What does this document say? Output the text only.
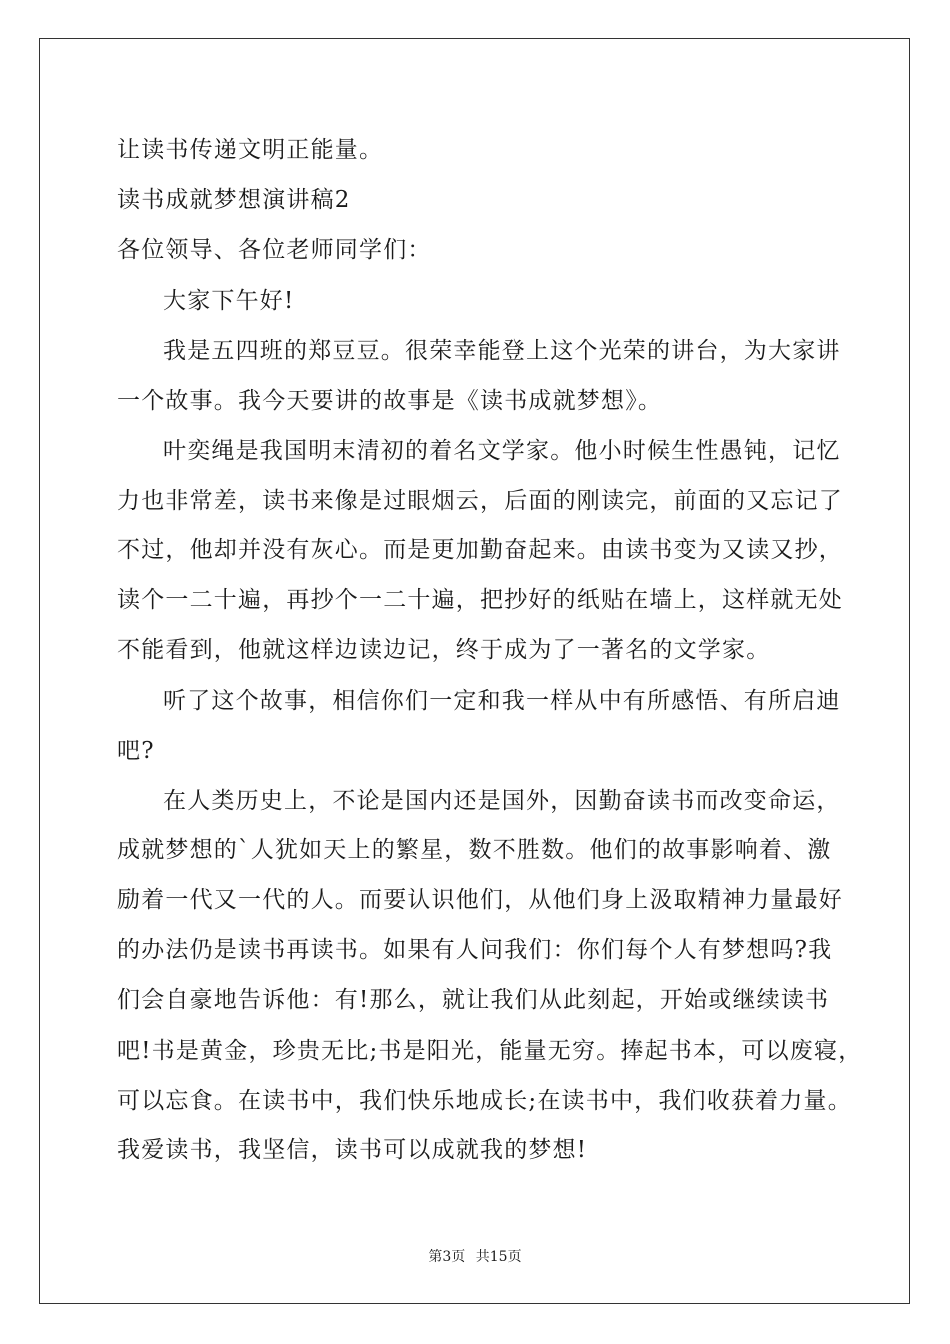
让读书传递文明正能量。
读书成就梦想演讲稿2
各位领导、各位老师同学们：
大家下午好!
我是五四班的郑豆豆。很荣幸能登上这个光荣的讲台，为大家讲
一个故事。我今天要讲的故事是《读书成就梦想》。
叶奕绳是我国明末清初的着名文学家。他小时候生性愚钝，记忆
力也非常差，读书来像是过眼烟云，后面的刚读完，前面的又忘记了
不过，他却并没有灰心。而是更加勤奋起来。由读书变为又读又抄，
读个一二十遍，再抄个一二十遍，把抄好的纸贴在墙上，这样就无处
不能看到，他就这样边读边记，终于成为了一著名的文学家。
听了这个故事，相信你们一定和我一样从中有所感悟、有所启迪
吧?
在人类历史上，不论是国内还是国外，因勤奋读书而改变命运，
成就梦想的`人犹如天上的繁星，数不胜数。他们的故事影响着、激
励着一代又一代的人。而要认识他们，从他们身上汲取精神力量最好
的办法仍是读书再读书。如果有人问我们：你们每个人有梦想吗?我
们会自豪地告诉他：有!那么，就让我们从此刻起，开始或继续读书
吧!书是黄金，珍贵无比;书是阳光，能量无穷。捧起书本，可以废寝，
可以忘食。在读书中，我们快乐地成长;在读书中，我们收获着力量。
我爱读书，我坚信，读书可以成就我的梦想!
第3页 共15页
